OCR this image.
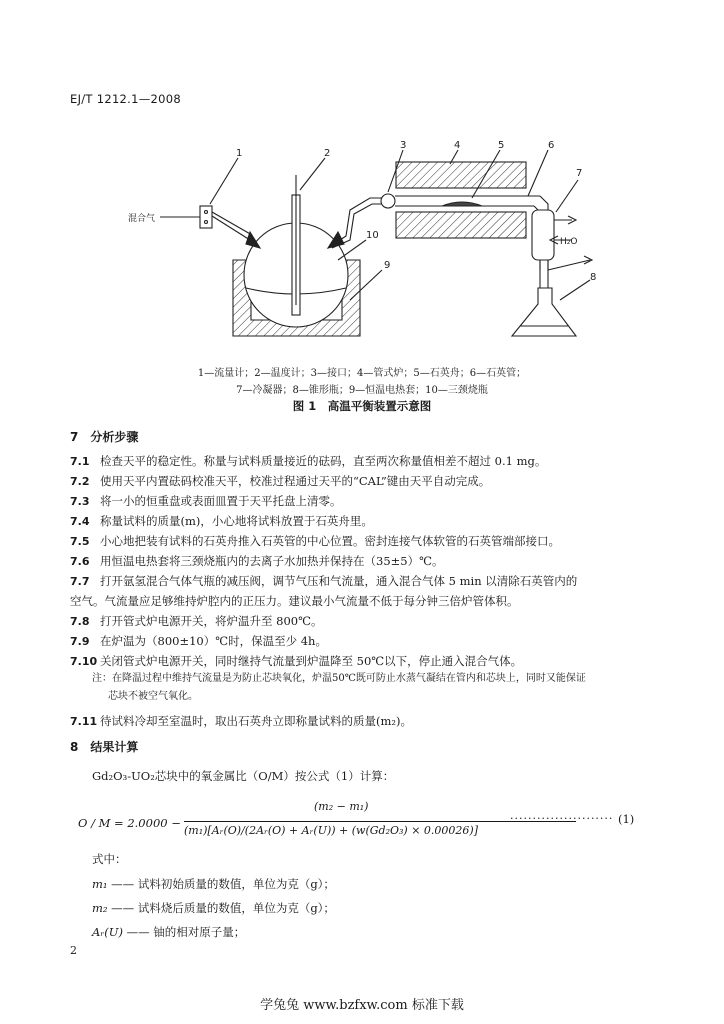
EJ/T 1212.1—2008
1	2
3	4	5	6
7
8
9
10
混合气
H₂O
1—流量计；2—温度计；3—接口；4—管式炉；5—石英舟；6—石英管；
7—冷凝器；8—锥形瓶；9—恒温电热套；10—三颈烧瓶
图 1　高温平衡装置示意图
7　分析步骤
7.1 检查天平的稳定性。称量与试料质量接近的砝码，直至两次称量值相差不超过 0.1 mg。
7.2 使用天平内置砝码校准天平，校准过程通过天平的“CAL”键由天平自动完成。
7.3 将一小的恒重盘或表面皿置于天平托盘上清零。
7.4 称量试料的质量(m)，小心地将试料放置于石英舟里。
7.5 小心地把装有试料的石英舟推入石英管的中心位置。密封连接气体软管的石英管端部接口。
7.6 用恒温电热套将三颈烧瓶内的去离子水加热并保持在（35±5）℃。
7.7 打开氩氢混合气体气瓶的减压阀，调节气压和气流量，通入混合气体 5 min 以清除石英管内的
空气。气流量应足够维持炉腔内的正压力。建议最小气流量不低于每分钟三倍炉管体积。
7.8 打开管式炉电源开关，将炉温升至 800℃。
7.9 在炉温为（800±10）℃时，保温至少 4h。
7.10 关闭管式炉电源开关，同时继持气流量到炉温降至 50℃以下，停止通入混合气体。
注：在降温过程中维持气流量是为防止芯块氧化，炉温50℃既可防止水蒸气凝结在管内和芯块上，同时又能保证
芯块不被空气氧化。
7.11 待试料冷却至室温时，取出石英舟立即称量试料的质量(m₂)。
8　结果计算
Gd₂O₃-UO₂芯块中的氧金属比（O/M）按公式（1）计算：
O / M = 2.0000 −
(m₂ − m₁)
(m₁)[Aᵣ(O)/(2Aᵣ(O) + Aᵣ(U)) + (w(Gd₂O₃) × 0.00026)]
······················· (1)
式中：
m₁ —— 试料初始质量的数值，单位为克（g）；
m₂ —— 试料烧后质量的数值，单位为克（g）；
Aᵣ(U) —— 铀的相对原子量；
2
学兔兔 www.bzfxw.com 标准下载
